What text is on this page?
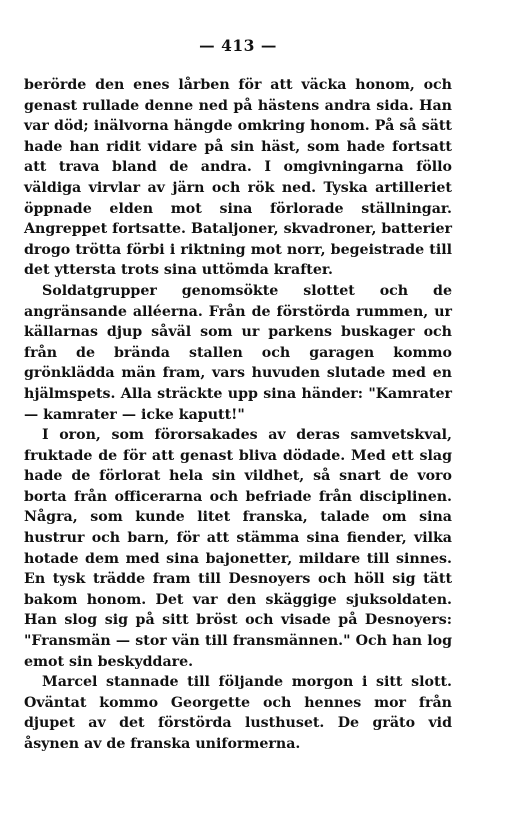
— 413 —

berörde den enes lårben för att väcka honom, och genast rullade denne ned på hästens andra sida. Han var död; inälvorna hängde omkring honom. På så sätt hade han ridit vidare på sin häst, som hade fortsatt att trava bland de andra. I omgivningarna föllo väldiga virvlar av järn och rök ned. Tyska artilleriet öppnade elden mot sina förlorade ställningar. Angreppet fortsatte. Bataljoner, skvadroner, batterier drogo trötta förbi i riktning mot norr, begeistrade till det yttersta trots sina uttömda krafter.

Soldatgrupper genomsökte slottet och de angränsande alléerna. Från de förstörda rummen, ur källarnas djup såväl som ur parkens buskager och från de brända stallen och garagen kommo grönklädda män fram, vars huvuden slutade med en hjälmspets. Alla sträckte upp sina händer: "Kamrater — kamrater — icke kaputt!"

I oron, som förorsakades av deras samvetskval, fruktade de för att genast bliva dödade. Med ett slag hade de förlorat hela sin vildhet, så snart de voro borta från officerarna och befriade från disciplinen. Några, som kunde litet franska, talade om sina hustrur och barn, för att stämma sina fiender, vilka hotade dem med sina bajonetter, mildare till sinnes. En tysk trädde fram till Desnoyers och höll sig tätt bakom honom. Det var den skäggige sjuksoldaten. Han slog sig på sitt bröst och visade på Desnoyers: "Fransmän — stor vän till fransmännen." Och han log emot sin beskyddare.

Marcel stannade till följande morgon i sitt slott. Oväntat kommo Georgette och hennes mor från djupet av det förstörda lusthuset. De gräto vid åsynen av de franska uniformerna.
